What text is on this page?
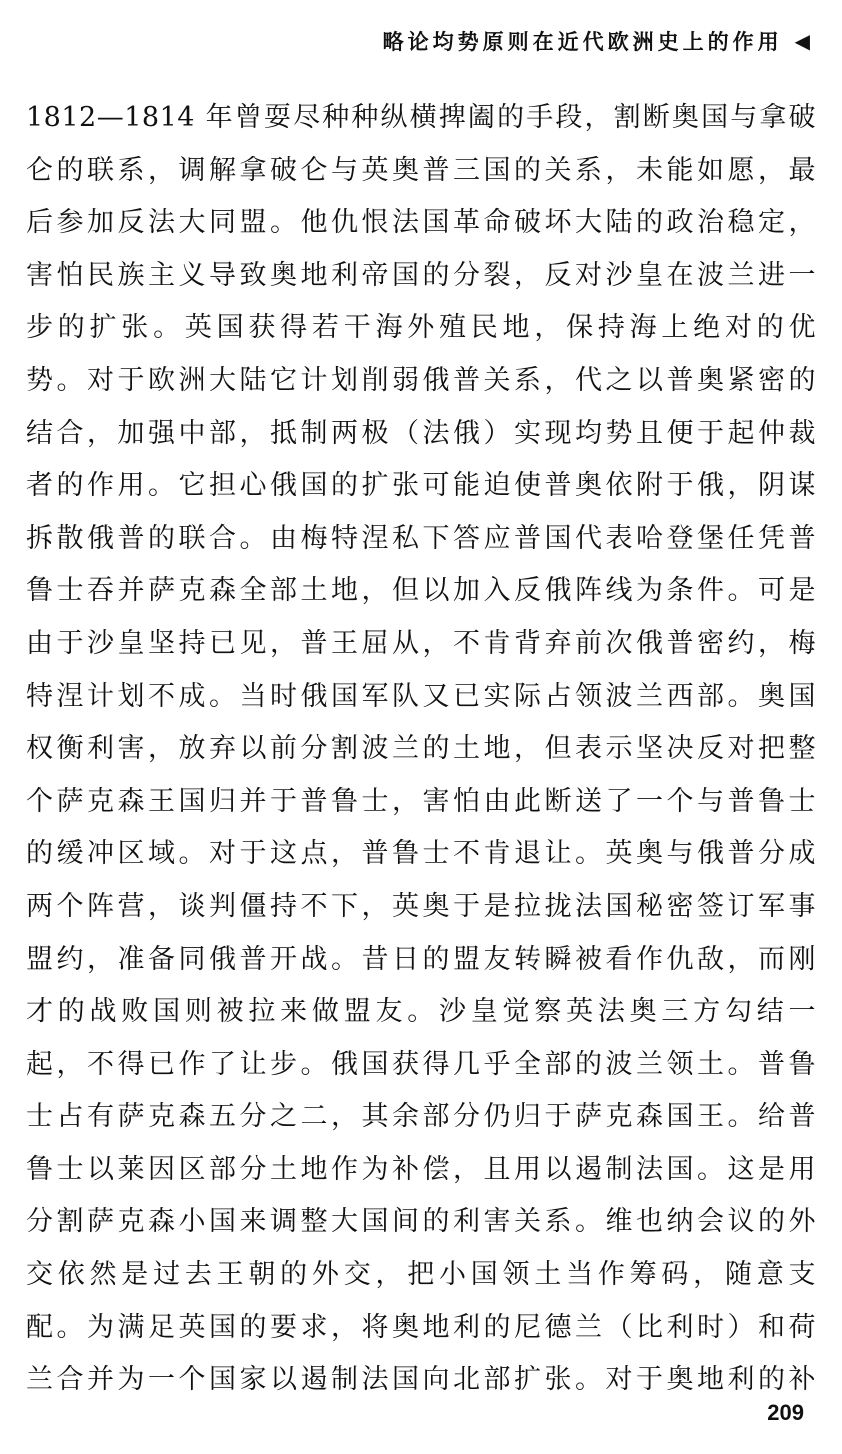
略论均势原则在近代欧洲史上的作用 ◀
1812—1814 年曾耍尽种种纵横捭阖的手段，割断奥国与拿破
仑的联系，调解拿破仑与英奥普三国的关系，未能如愿，最
后参加反法大同盟。他仇恨法国革命破坏大陆的政治稳定，
害怕民族主义导致奥地利帝国的分裂，反对沙皇在波兰进一
步的扩张。英国获得若干海外殖民地，保持海上绝对的优
势。对于欧洲大陆它计划削弱俄普关系，代之以普奥紧密的
结合，加强中部，抵制两极（法俄）实现均势且便于起仲裁
者的作用。它担心俄国的扩张可能迫使普奥依附于俄，阴谋
拆散俄普的联合。由梅特涅私下答应普国代表哈登堡任凭普
鲁士吞并萨克森全部土地，但以加入反俄阵线为条件。可是
由于沙皇坚持已见，普王屈从，不肯背弃前次俄普密约，梅
特涅计划不成。当时俄国军队又已实际占领波兰西部。奥国
权衡利害，放弃以前分割波兰的土地，但表示坚决反对把整
个萨克森王国归并于普鲁士，害怕由此断送了一个与普鲁士
的缓冲区域。对于这点，普鲁士不肯退让。英奥与俄普分成
两个阵营，谈判僵持不下，英奥于是拉拢法国秘密签订军事
盟约，准备同俄普开战。昔日的盟友转瞬被看作仇敌，而刚
才的战败国则被拉来做盟友。沙皇觉察英法奥三方勾结一
起，不得已作了让步。俄国获得几乎全部的波兰领土。普鲁
士占有萨克森五分之二，其余部分仍归于萨克森国王。给普
鲁士以莱因区部分土地作为补偿，且用以遏制法国。这是用
分割萨克森小国来调整大国间的利害关系。维也纳会议的外
交依然是过去王朝的外交，把小国领土当作筹码，随意支
配。为满足英国的要求，将奥地利的尼德兰（比利时）和荷
兰合并为一个国家以遏制法国向北部扩张。对于奥地利的补
209
